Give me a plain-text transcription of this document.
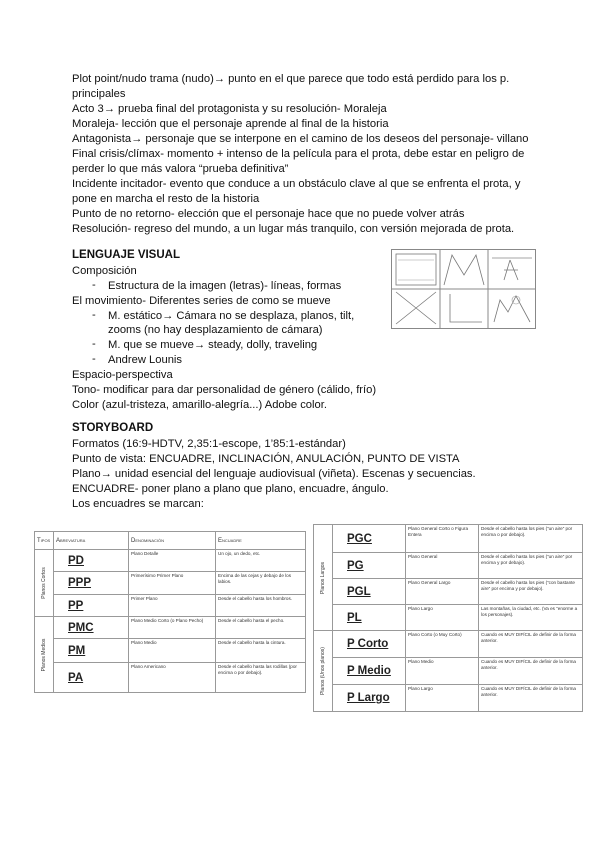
Plot point/nudo trama (nudo)→ punto en el que parece que todo está perdido para los p.
principales
Acto 3→ prueba final del protagonista y su resolución- Moraleja
Moraleja- lección que el personaje aprende al final de la historia
Antagonista→ personaje que se interpone en el camino de los deseos del personaje- villano
Final crisis/clímax- momento + intenso de la película para el prota, debe estar en peligro de
perder lo que más valora “prueba definitiva”
Incidente incitador- evento que conduce a un obstáculo clave al que se enfrenta el prota, y
pone en marcha el resto de la historia
Punto de no retorno- elección que el personaje hace que no puede volver atrás
Resolución- regreso del mundo, a un lugar más tranquilo, con versión mejorada de prota.
LENGUAJE VISUAL
Composición
- Estructura de la imagen (letras)- líneas, formas
El movimiento- Diferentes series de como se mueve
- M. estático→ Cámara no se desplaza, planos, tilt,
zooms (no hay desplazamiento de cámara)
- M. que se mueve→ steady, dolly, traveling
- Andrew Lounis
Espacio-perspectiva
Tono- modificar para dar personalidad de género (cálido, frío)
Color (azul-tristeza, amarillo-alegría...) Adobe color.
STORYBOARD
Formatos (16:9-HDTV, 2,35:1-escope, 1’85:1-estándar)
Punto de vista: ENCUADRE, INCLINACIÓN, ANULACIÓN, PUNTO DE VISTA
Plano→ unidad esencial del lenguaje audiovisual (viñeta). Escenas y secuencias.
ENCUADRE- poner plano a plano que plano, encuadre, ángulo.
Los encuadres se marcan:
Tipos	Abreviatura	Denominación	Encuadre

Planos Cortos	PD	Plano Detalle	Un ojo, un dedo, etc.
	PPP	Primerísimo Primer Plano	Encima de las cejas y debajo de los labios.
	PP	Primer Plano	Desde el cabello hasta los hombros.

Planos Medios	PMC	Plano Medio Corto (o Plano Pecho)	Desde el cabello hasta el pecho.
	PM	Plano Medio	Desde el cabello hasta la cintura.
	PA	Plano Americano	Desde el cabello hasta las rodillas (por encima o por debajo).
Planos Largos	PGC	Plano General Corto o Figura Entera	Desde el cabello hasta los pies (“un aire” por encima o por debajo).
	PG	Plano General	Desde el cabello hasta los pies (“un aire” por encima y por debajo).
	PGL	Plano General Largo	Desde el cabello hasta los pies (“con bastante aire” por encima y por debajo).
	PL	Plano Largo	Las montañas, la ciudad, etc. (Va es “enorme a los personajes).

Planos (Unos planos)	P Corto	Plano Corto (o Muy Corto)	Cuando es MUY DIFÍCIL de definir de la forma anterior.
	P Medio	Plano Medio	Cuando es MUY DIFÍCIL de definir de la forma anterior.
	P Largo	Plano Largo	Cuando es MUY DIFÍCIL de definir de la forma anterior.
